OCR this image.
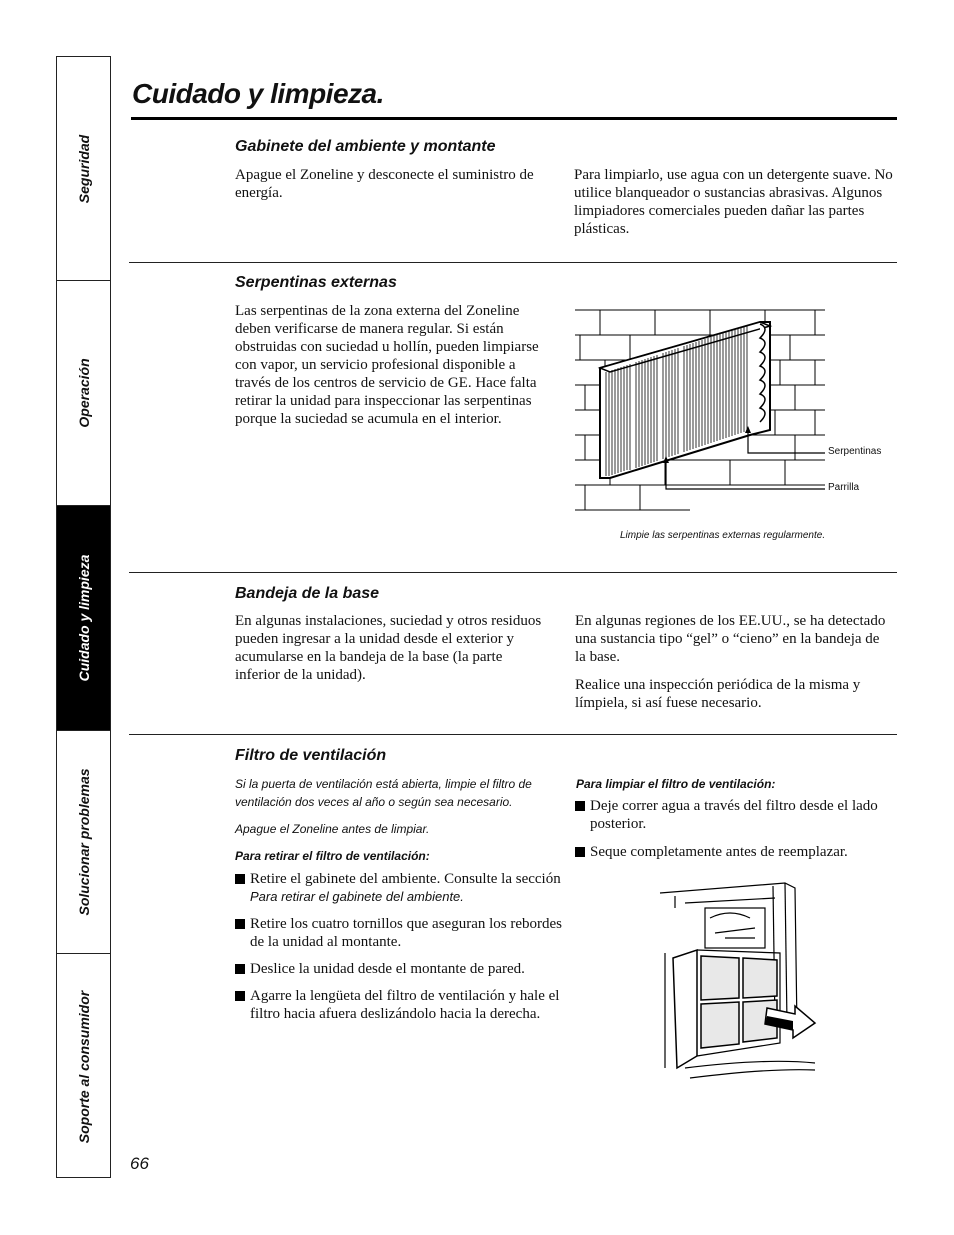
Seguridad
Operación
Cuidado y limpieza
Solucionar problemas
Soporte al consumidor
Cuidado y limpieza.
Gabinete del ambiente y montante
Apague el Zoneline y desconecte el suministro de energía.
Para limpiarlo, use agua con un detergente suave. No utilice blanqueador o sustancias abrasivas. Algunos limpiadores comerciales pueden dañar las partes plásticas.
Serpentinas externas
Las serpentinas de la zona externa del Zoneline deben verificarse de manera regular. Si están obstruidas con suciedad u hollín, pueden limpiarse con vapor, un servicio profesional disponible a través de los centros de servicio de GE. Hace falta retirar la unidad para inspeccionar las serpentinas porque la suciedad se acumula en el interior.
Serpentinas
Parrilla
Limpie las serpentinas externas regularmente.
Bandeja de la base
En algunas instalaciones, suciedad y otros residuos pueden ingresar a la unidad desde el exterior y acumularse en la bandeja de la base (la parte inferior de la unidad).
En algunas regiones de los EE.UU., se ha detectado una sustancia tipo “gel” o “cieno” en la bandeja de la base.
Realice una inspección periódica de la misma y límpiela, si así fuese necesario.
Filtro de ventilación
Si la puerta de ventilación está abierta, limpie el filtro de ventilación dos veces al año o según sea necesario.
Apague el Zoneline antes de limpiar.
Para retirar el filtro de ventilación:
Retire el gabinete del ambiente. Consulte la sección Para retirar el gabinete del ambiente.
Retire los cuatro tornillos que aseguran los rebordes de la unidad al montante.
Deslice la unidad desde el montante de pared.
Agarre la lengüeta del filtro de ventilación y hale el filtro hacia afuera deslizándolo hacia la derecha.
Para limpiar el filtro de ventilación:
Deje correr agua a través del filtro desde el lado posterior.
Seque completamente antes de reemplazar.
66
